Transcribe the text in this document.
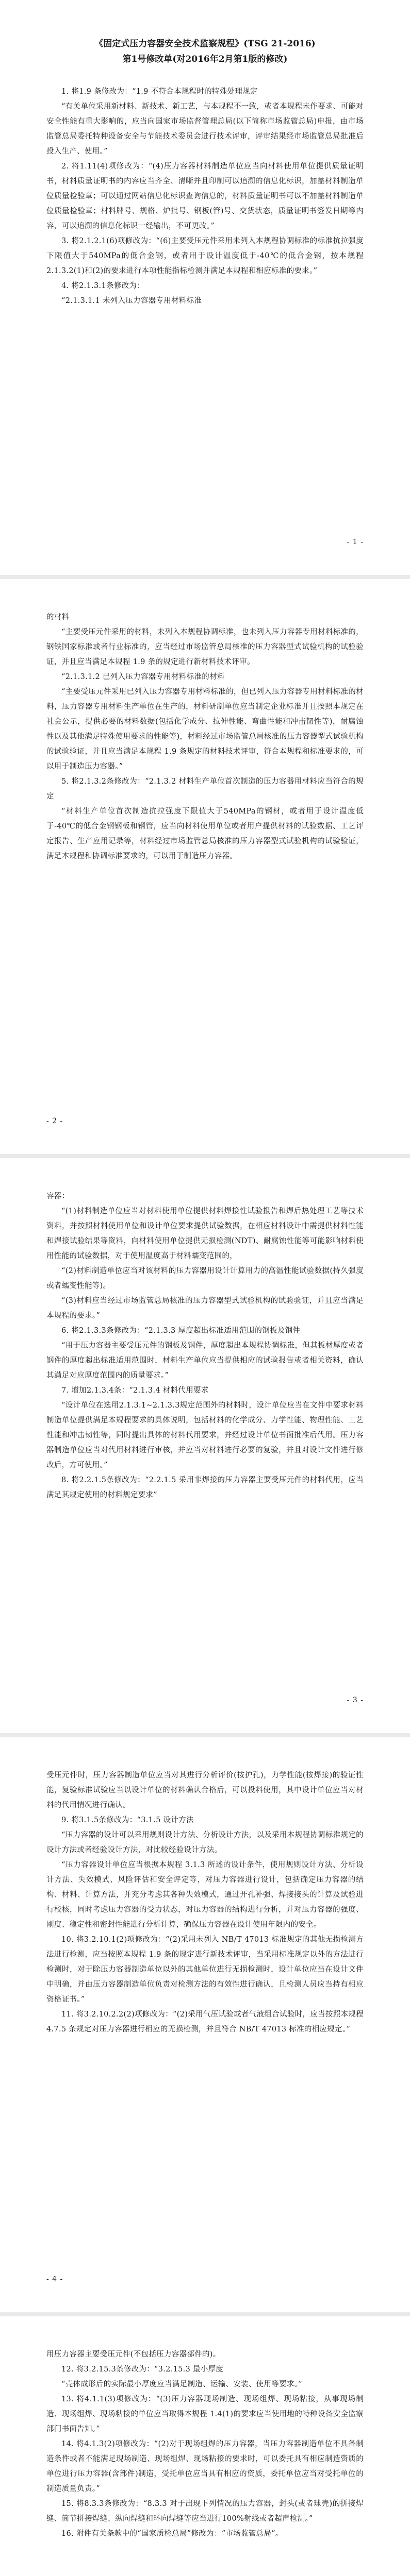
《固定式压力容器安全技术监察规程》(TSG 21-2016)
第1号修改单(对2016年2月第1版的修改)

1. 将1.9 条修改为：“1.9 不符合本规程时的特殊处理规定

“有关单位采用新材料、新技术、新工艺，与本规程不一致，或者本规程未作要求、可能对安全性能有重大影响的，应当向国家市场监督管理总局(以下简称市场监管总局)申报，由市场监管总局委托特种设备安全与节能技术委员会进行技术评审，评审结果经市场监管总局批准后投入生产、使用。”

2. 将1.11(4)项修改为：“(4)压力容器材料制造单位应当向材料使用单位提供质量证明书，材料质量证明书的内容应当齐全、清晰并且印制可以追溯的信息化标识，加盖材料制造单位质量检验章；可以通过网站信息化标识查询信息的，材料质量证明书可以不加盖材料制造单位质量检验章；材料牌号、规格、炉批号、钢板(管)号、交货状态，质量证明书签发日期等内容，可以追溯的信息化标识一经输出，不可更改。”

3. 将2.1.2.1(6)项修改为：“(6)主要受压元件采用未列入本规程协调标准的标准抗拉强度下限值大于540MPa的低合金钢，或者用于设计温度低于-40℃的低合金钢，按本规程2.1.3.2(1)和(2)的要求进行本项性能指标检测并满足本规程和相应标准的要求。”

4. 将2.1.3.1条修改为：

“2.1.3.1.1 未列入压力容器专用材料标准

- 1 -

的材料

“主要受压元件采用的材料，未列入本规程协调标准，也未列入压力容器专用材料标准的，钢铁国家标准或者行业标准的，应当经过市场监管总局核准的压力容器型式试验机构的试验验证，并且应当满足本规程 1.9 条的规定进行新材料技术评审。

“2.1.3.1.2 已列入压力容器专用材料标准的材料

“主要受压元件采用已列入压力容器专用材料标准的，但已列入压力容器专用材料标准的材料，压力容器专用材料生产单位在生产的，材料研制单位应当制定企业标准并且按照本规定在社会公示，提供必要的材料数据(包括化学成分、拉伸性能、弯曲性能和冲击韧性等)，耐腐蚀性以及其他满足特殊使用要求的性能等)，材料经过市场监管总局核准的压力容器型式试验机构的试验验证，并且应当满足本规程 1.9 条规定的材料技术评审，符合本规程和标准要求的，可以用于制造压力容器。”

5. 将2.1.3.2条修改为：“2.1.3.2 材料生产单位首次制造的压力容器用材料应当符合的规定

“材料生产单位首次制造抗拉强度下限值大于540MPa的钢材，或者用于设计温度低于-40℃的低合金钢钢板和钢管，应当向材料使用单位或者用户提供材料的试验数据、工艺评定报告、生产应用记录等，材料经过市场监管总局核准的压力容器型式试验机构的试验验证，满足本规程和协调标准要求的，可以用于制造压力容器。

- 2 -

容器：

“(1)材料制造单位应当对材料使用单位提供材料焊接性试验报告和焊后热处理工艺等技术资料，并按照材料使用单位和设计单位要求提供试验数据，在相应材料设计中需提供材料性能和焊接试验结果等资料，向材料使用单位提供无损检测(NDT)、耐腐蚀性能等可能影响材料使用性能的试验数据，对于使用温度高于材料蠕变范围的，

“(2)材料制造单位应当对该材料的压力容器用设计计算用力的高温性能试验数据(持久强度或者蠕变性能等)。

“(3)材料应当经过市场监管总局核准的压力容器型式试验机构的试验验证，并且应当满足本规程的要求。”

6. 将2.1.3.3条修改为：“2.1.3.3 厚度超出标准适用范围的钢板及钢件

“用于压力容器主要受压元件的钢板及钢件，厚度超出本规程协调标准，但其板材厚度或者钢件的厚度超出标准适用范围时，材料生产单位应当提供相应的试验报告或者相关资料，确认其满足对应厚度范围内的质量要求。”

7. 增加2.1.3.4条：“2.1.3.4 材料代用要求

“设计单位在选用2.1.3.1~2.1.3.3规定范围外的材料时，设计单位应当在文件中要求材料制造单位提供满足本规程要求的具体说明，包括材料的化学成分、力学性能、物理性能、工艺性能和冲击韧性等，同时提出具体的材料代用要求，并经过设计单位书面批准后代用。压力容器制造单位应当对代用材料进行审核，并应当对材料进行必要的复验，并且对设计文件进行修改后，方可使用。”

8. 将2.2.1.5条修改为：“2.2.1.5 采用非焊接的压力容器主要受压元件的材料代用，应当满足其规定使用的材料规定要求”

- 3 -

受压元件时，压力容器制造单位应当对其进行分析评价(按护孔)，力学性能(按焊接)的验证性能，复验标准试验应当以设计单位的材料确认合格后，可以投料使用，其中设计单位应当对材料的代用情况进行确认。

9. 将3.1.5条修改为：“3.1.5 设计方法

“压力容器的设计可以采用规则设计方法、分析设计方法，以及采用本规程协调标准规定的设计方法或者经验设计方法，对比较经验设计方法。

“压力容器设计单位应当根据本规程 3.1.3 所述的设计条件，使用规则设计方法、分析设计方法、失效模式、风险评估和安全评定等，对压力容器进行设计，包括确定压力容器的结构、材料、计算方法，并充分考虑其各种失效模式，通过开孔补强、焊接接头的计算及试验进行校核，同时考虑压力容器的受力状态，对压力容器的结构进行分析，并对压力容器的强度、刚度、稳定性和密封性能进行分析计算，确保压力容器在设计使用年限内的安全。

10. 将3.2.10.1(2)项修改为：“(2)采用未列入 NB/T 47013 标准规定的其他无损检测方法进行检测，应当按照本规程 1.9 条的规定进行新技术评审，当采用标准规定以外的方法进行检测时，对于除压力容器制造单位以外的其他单位进行无损检测时，设计单位应当在设计文件中明确，并由压力容器制造单位负责对检测方法的有效性进行确认，且检测人员应当持有相应资格证书。”

11. 将3.2.10.2.2(2)项修改为：“(2)采用气压试验或者气液组合试验时，应当按照本规程 4.7.5 条规定对压力容器进行相应的无损检测，并且符合 NB/T 47013 标准的相应规定。”

- 4 -

用压力容器主要受压元件(不包括压力容器部件的)。

12. 将3.2.15.3条修改为：“3.2.15.3 最小厚度

“壳体成形后的实际最小厚度应当满足制造、运输、安装、使用等要求。”

13. 将4.1.1(3)项修改为：“(3)压力容器现场制造、现场组焊、现场粘接，从事现场制造、现场组焊、现场粘接的单位应当取得本规程 1.4(1)的要求应当使用地的特种设备安全监察部门书面告知。”

14. 将4.1.3(2)项修改为：“(2)对于现场组焊的压力容器，当压力容器制造单位不具备制造条件或者不能满足现场制造、现场组焊、现场粘接的要求时，可以委托具有相应制造资质的单位进行压力容器(含部件)制造，受托单位应当具有相应的资质，委托单位应当对受托单位的制造质量负责。”

15. 将8.3.3条修改为：“8.3.3 对于出现下列情况的压力容器，封头(或者球壳)的拼接焊缝、筒节拼接焊缝、纵向焊缝和环向焊缝等应当进行100%射线或者超声检测。”

16. 附件有关条款中的“国家质检总局”修改为：“市场监管总局”。
